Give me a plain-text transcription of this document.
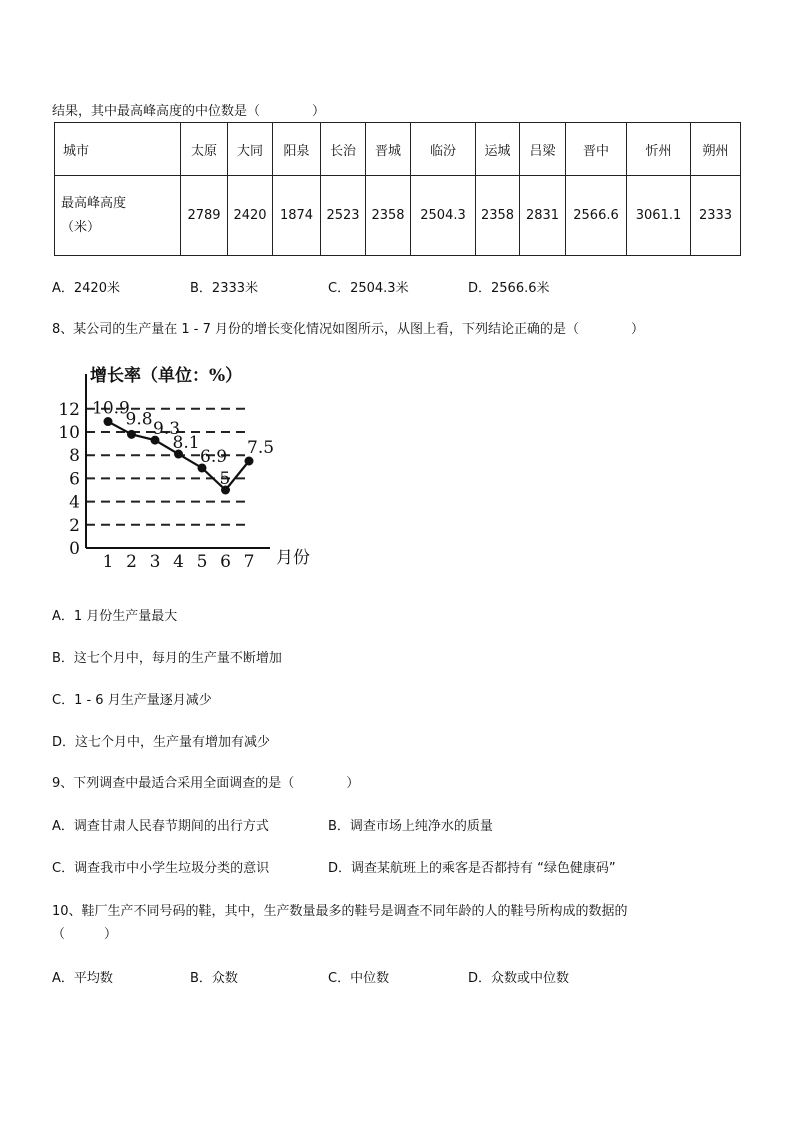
结果，其中最高峰高度的中位数是（　　　　）
城市	太原	大同	阳泉	长治	晋城	临汾	运城	吕梁	晋中	忻州	朔州

最高峰高度
（米）	2789	2420	1874	2523	2358	2504.3	2358	2831	2566.6	3061.1	2333
A．2420米	B．2333米	C．2504.3米	D．2566.6米
8、某公司的生产量在 1 - 7 月份的增长变化情况如图所示，从图上看，下列结论正确的是（　　　　）
增长率（单位：%）
月份
0
2
4
6
8
10
12
1 2 3 4 5 6 7
10.9
9.8 9.3
8.1
6.9
5
7.5
A．1 月份生产量最大
B．这七个月中，每月的生产量不断增加
C．1 - 6 月生产量逐月减少
D．这七个月中，生产量有增加有减少
9、下列调查中最适合采用全面调查的是（　　　　）
A．调查甘肃人民春节期间的出行方式	B．调查市场上纯净水的质量
C．调查我市中小学生垃圾分类的意识	D．调查某航班上的乘客是否都持有 “绿色健康码”
10、鞋厂生产不同号码的鞋，其中，生产数量最多的鞋号是调查不同年龄的人的鞋号所构成的数据的
（　　　）
A．平均数	B．众数	C．中位数	D．众数或中位数
